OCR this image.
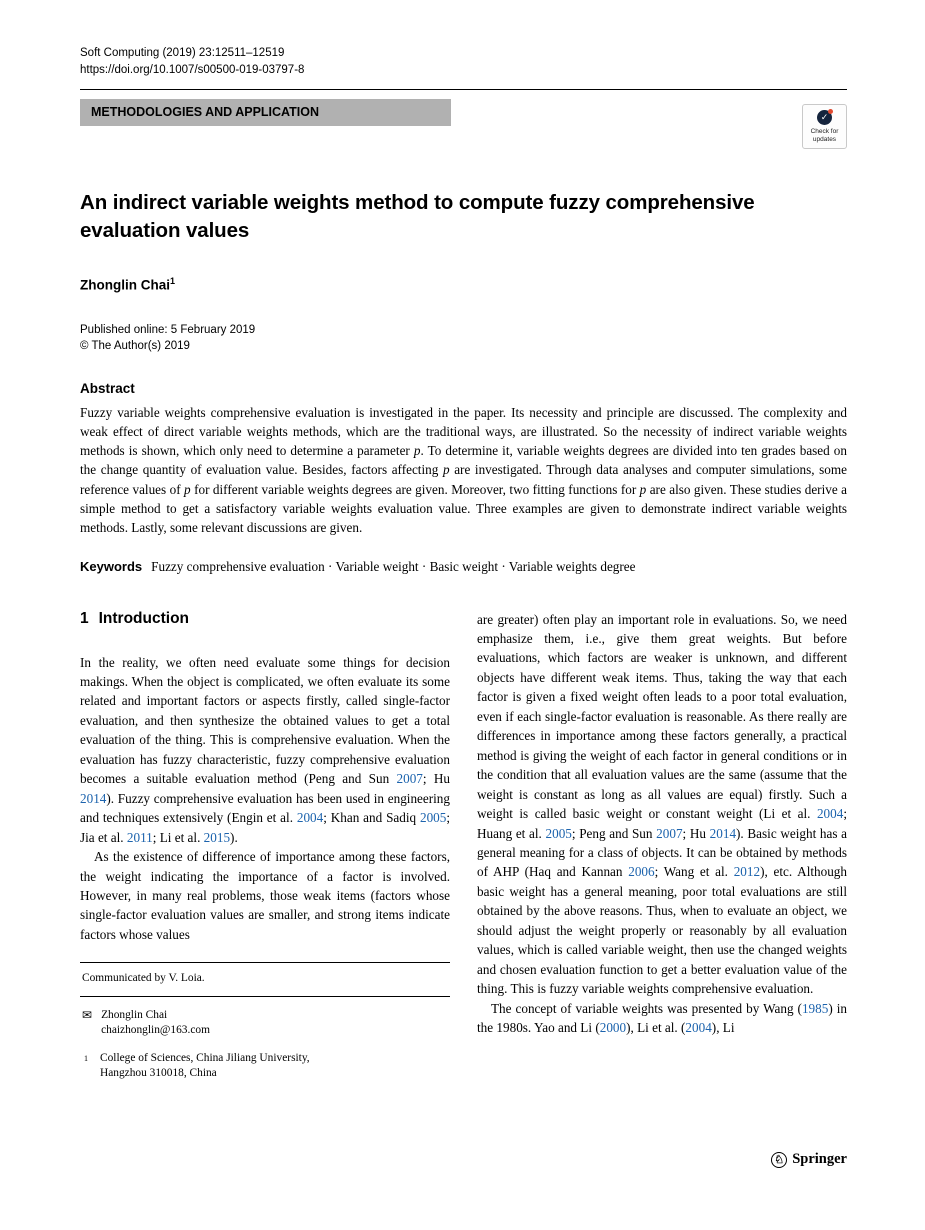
Soft Computing (2019) 23:12511–12519
https://doi.org/10.1007/s00500-019-03797-8
METHODOLOGIES AND APPLICATION	✓
Check for
updates
An indirect variable weights method to compute fuzzy comprehensive evaluation values
Zhonglin Chai$^1$
Published online: 5 February 2019
© The Author(s) 2019
Abstract
Fuzzy variable weights comprehensive evaluation is investigated in the paper. Its necessity and principle are discussed. The complexity and weak effect of direct variable weights methods, which are the traditional ways, are illustrated. So the necessity of indirect variable weights methods is shown, which only need to determine a parameter p. To determine it, variable weights degrees are divided into ten grades based on the change quantity of evaluation value. Besides, factors affecting p are investigated. Through data analyses and computer simulations, some reference values of p for different variable weights degrees are given. Moreover, two fitting functions for p are also given. These studies derive a simple method to get a satisfactory variable weights evaluation value. Three examples are given to demonstrate indirect variable weights methods. Lastly, some relevant discussions are given.
Keywords Fuzzy comprehensive evaluation · Variable weight · Basic weight · Variable weights degree
1 Introduction

In the reality, we often need evaluate some things for decision makings. When the object is complicated, we often evaluate its some related and important factors or aspects firstly, called single-factor evaluation, and then synthesize the obtained values to get a total evaluation of the thing. This is comprehensive evaluation. When the evaluation has fuzzy characteristic, fuzzy comprehensive evaluation becomes a suitable evaluation method (Peng and Sun 2007; Hu 2014). Fuzzy comprehensive evaluation has been used in engineering and techniques extensively (Engin et al. 2004; Khan and Sadiq 2005; Jia et al. 2011; Li et al. 2015).

As the existence of difference of importance among these factors, the weight indicating the importance of a factor is involved. However, in many real problems, those weak items (factors whose single-factor evaluation values are smaller, and strong items indicate factors whose values

Communicated by V. Loia.
✉ Zhonglin Chai
chaizhonglin@163.com
1 College of Sciences, China Jiliang University,
Hangzhou 310018, China

are greater) often play an important role in evaluations. So, we need emphasize them, i.e., give them great weights. But before evaluations, which factors are weaker is unknown, and different objects have different weak items. Thus, taking the way that each factor is given a fixed weight often leads to a poor total evaluation, even if each single-factor evaluation is reasonable. As there really are differences in importance among these factors generally, a practical method is giving the weight of each factor in general conditions or in the condition that all evaluation values are the same (assume that the weight is constant as long as all values are equal) firstly. Such a weight is called basic weight or constant weight (Li et al. 2004; Huang et al. 2005; Peng and Sun 2007; Hu 2014). Basic weight has a general meaning for a class of objects. It can be obtained by methods of AHP (Haq and Kannan 2006; Wang et al. 2012), etc. Although basic weight has a general meaning, poor total evaluations are still obtained by the above reasons. Thus, when to evaluate an object, we should adjust the weight properly or reasonably by all evaluation values, which is called variable weight, then use the changed weights and chosen evaluation function to get a better evaluation value of the thing. This is fuzzy variable weights comprehensive evaluation.

The concept of variable weights was presented by Wang (1985) in the 1980s. Yao and Li (2000), Li et al. (2004), Li

♘ Springer
